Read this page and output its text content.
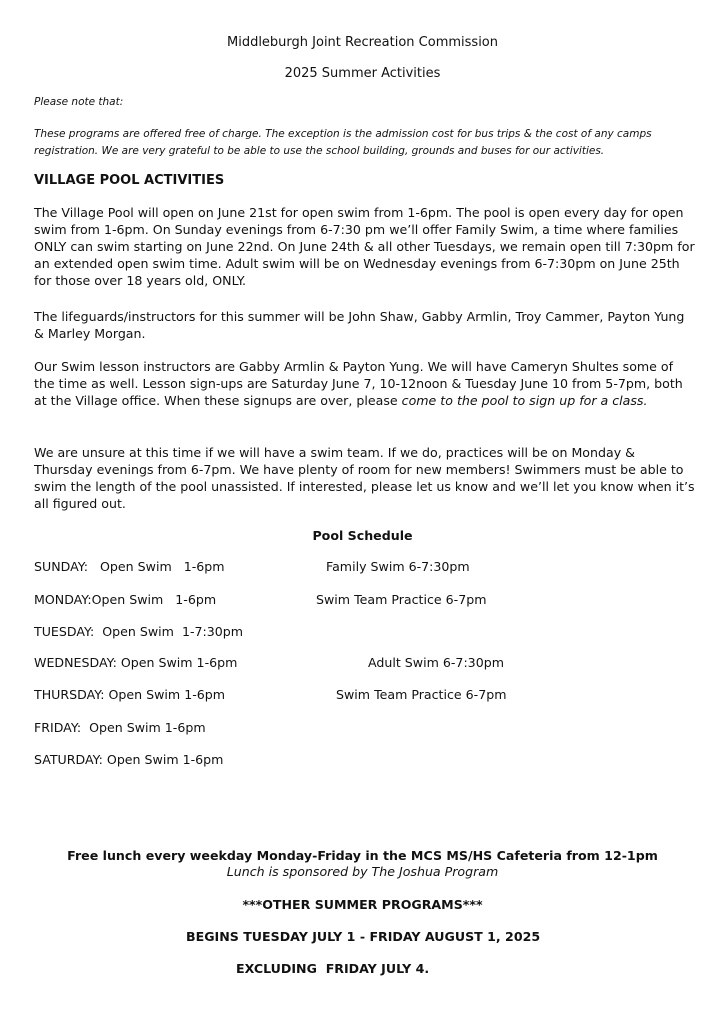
Middleburgh Joint Recreation Commission
2025 Summer Activities
Please note that:
These programs are offered free of charge. The exception is the admission cost for bus trips & the cost of any camps registration. We are very grateful to be able to use the school building, grounds and buses for our activities.
VILLAGE POOL ACTIVITIES
The Village Pool will open on June 21st for open swim from 1-6pm. The pool is open every day for open swim from 1-6pm. On Sunday evenings from 6-7:30 pm we’ll offer Family Swim, a time where families ONLY can swim starting on June 22nd. On June 24th & all other Tuesdays, we remain open till 7:30pm for an extended open swim time. Adult swim will be on Wednesday evenings from 6-7:30pm on June 25th for those over 18 years old, ONLY.
The lifeguards/instructors for this summer will be John Shaw, Gabby Armlin, Troy Cammer, Payton Yung & Marley Morgan.
Our Swim lesson instructors are Gabby Armlin & Payton Yung. We will have Cameryn Shultes some of the time as well. Lesson sign-ups are Saturday June 7, 10-12noon & Tuesday June 10 from 5-7pm, both at the Village office. When these signups are over, please come to the pool to sign up for a class.
We are unsure at this time if we will have a swim team. If we do, practices will be on Monday & Thursday evenings from 6-7pm. We have plenty of room for new members! Swimmers must be able to swim the length of the pool unassisted. If interested, please let us know and we’ll let you know when it’s all figured out.
Pool Schedule
SUNDAY:   Open Swim   1-6pm	Family Swim 6-7:30pm
MONDAY:Open Swim   1-6pm	Swim Team Practice 6-7pm
TUESDAY:  Open Swim  1-7:30pm
WEDNESDAY: Open Swim 1-6pm	Adult Swim 6-7:30pm
THURSDAY: Open Swim 1-6pm	Swim Team Practice 6-7pm
FRIDAY:  Open Swim 1-6pm
SATURDAY: Open Swim 1-6pm
Free lunch every weekday Monday-Friday in the MCS MS/HS Cafeteria from 12-1pm
Lunch is sponsored by The Joshua Program
***OTHER SUMMER PROGRAMS***
BEGINS TUESDAY JULY 1 - FRIDAY AUGUST 1, 2025
EXCLUDING  FRIDAY JULY 4.
